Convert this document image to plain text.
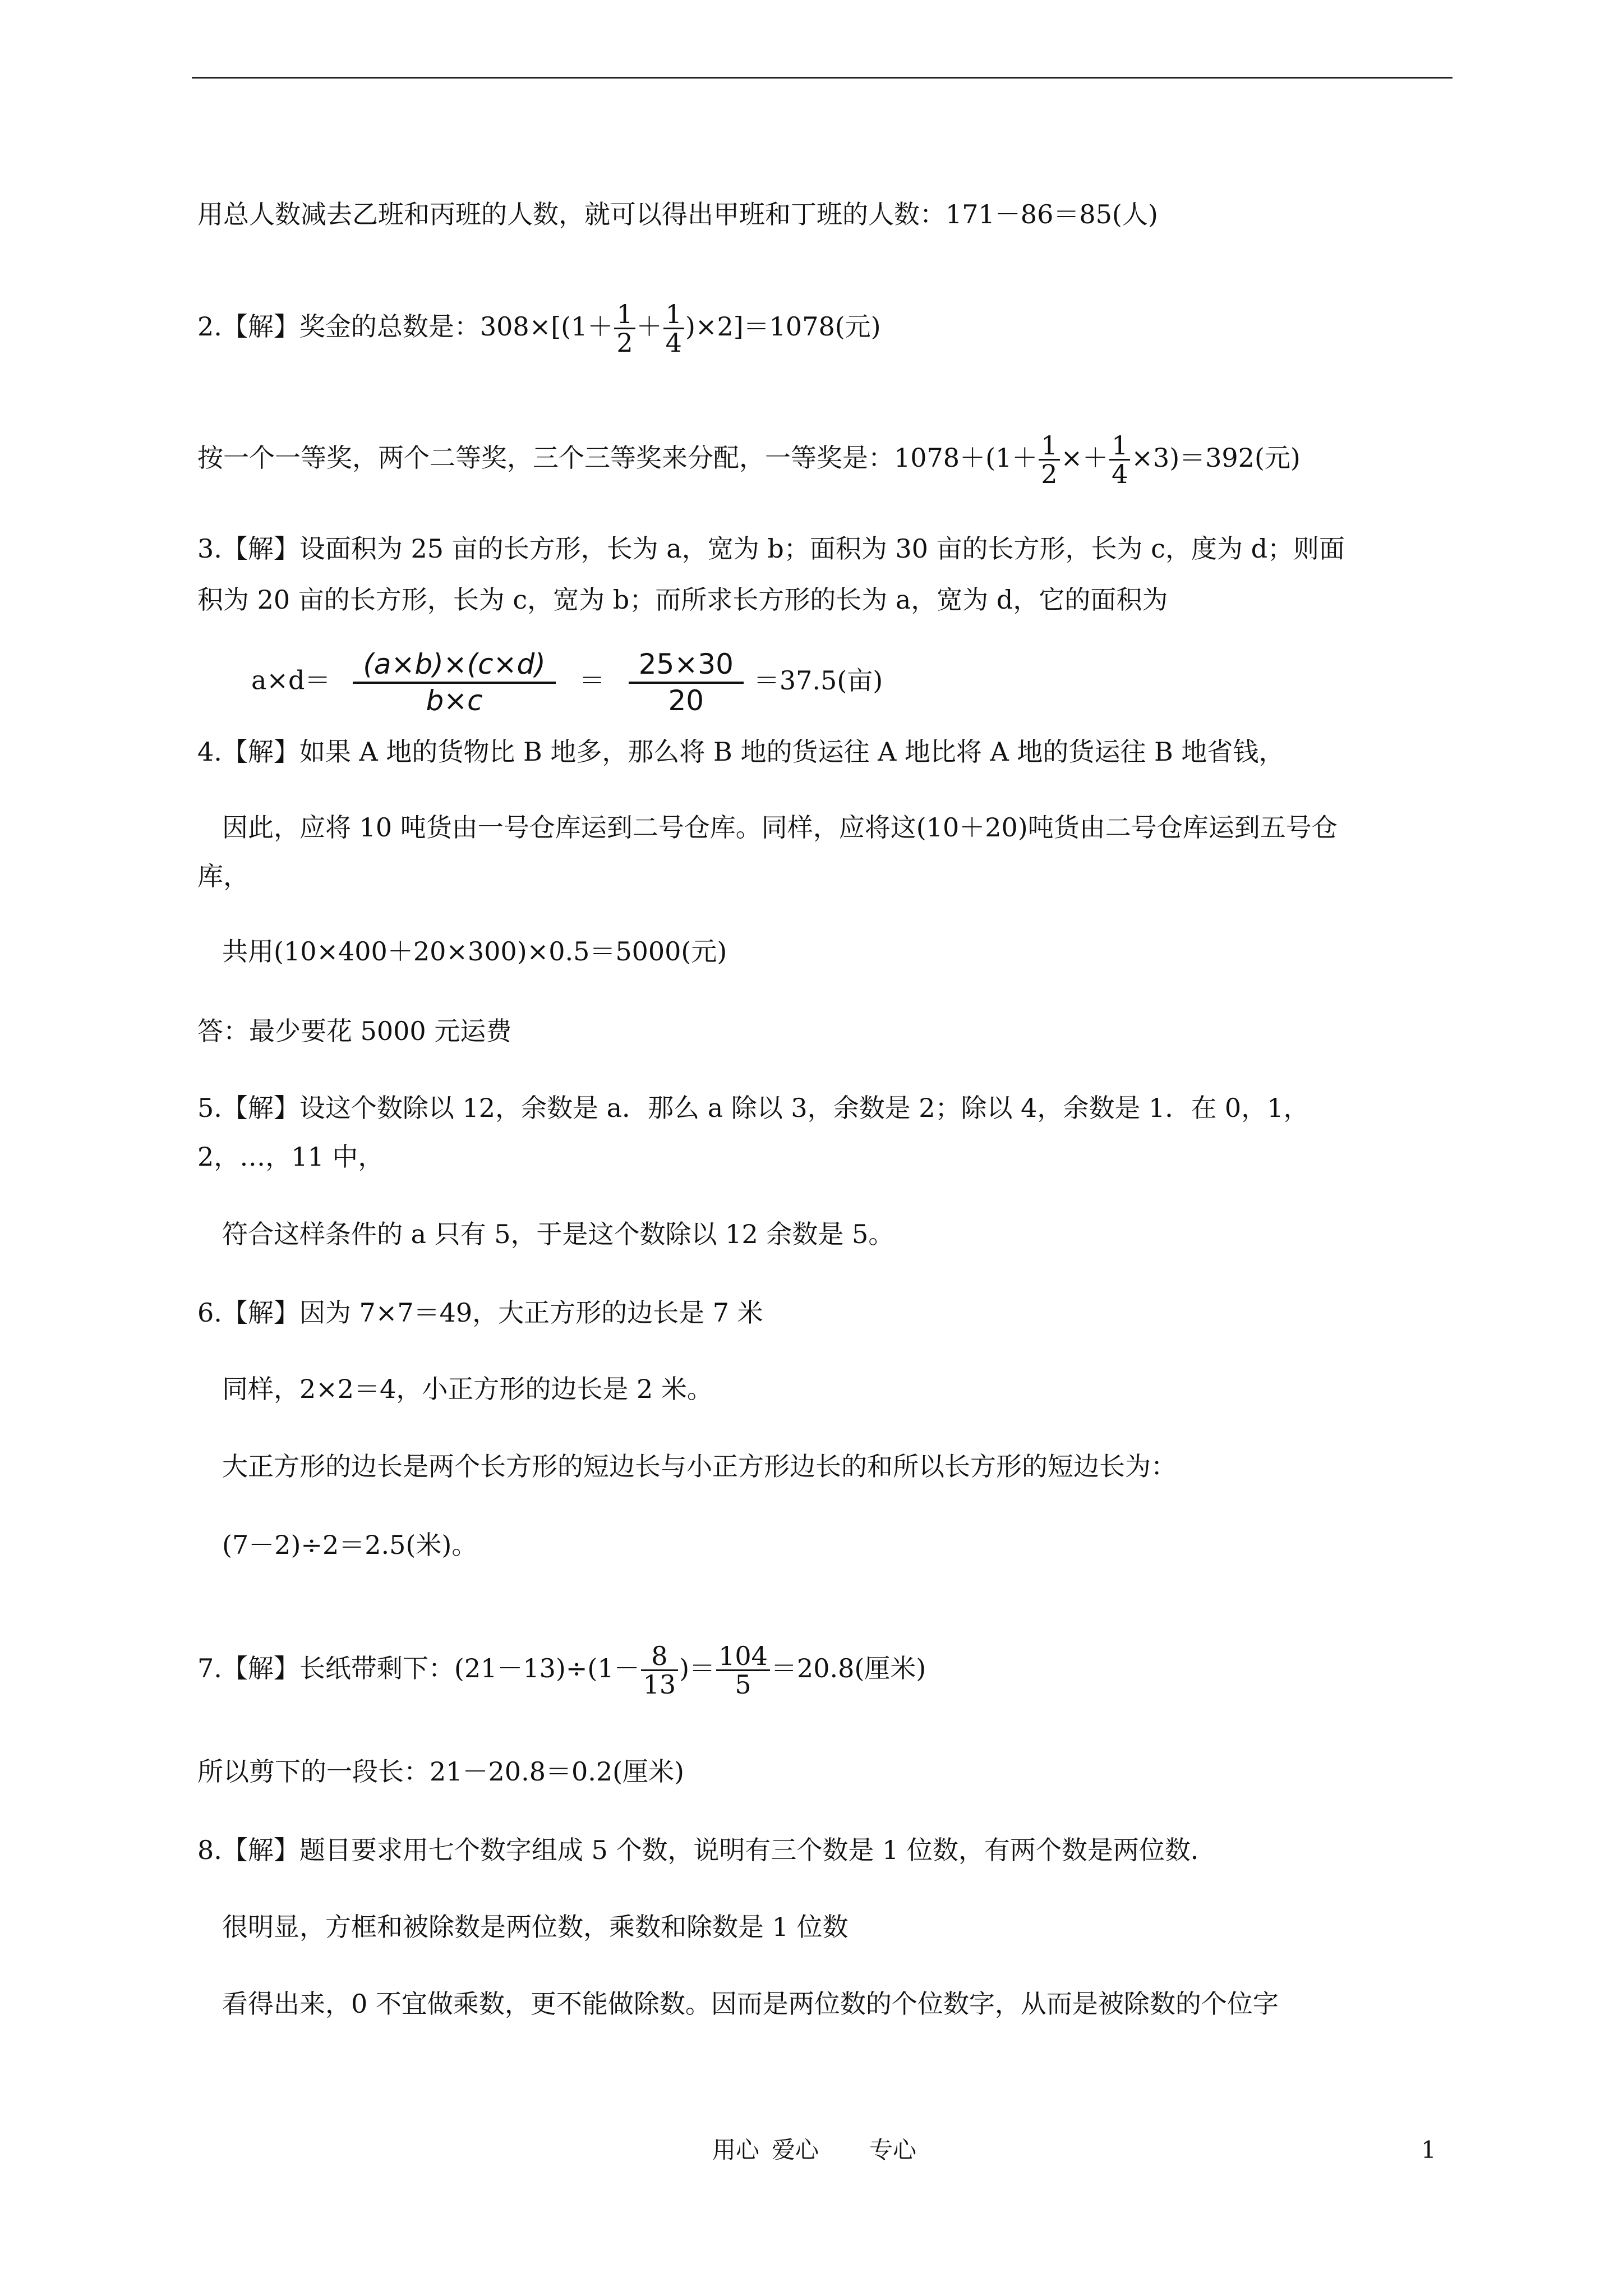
用总人数减去乙班和丙班的人数，就可以得出甲班和丁班的人数：171－86＝85(人)
2.【解】奖金的总数是：$308\times[(1+ \frac{1}{2} + \frac{1}{4} )\times 2]=1078$(元)
按一个一等奖，两个二等奖，三个三等奖来分配，一等奖是：$1078+(1+ \frac{1}{2} \times+ \frac{1}{4} \times 3)=392$(元)
3.【解】设面积为 25 亩的长方形，长为 a，宽为 b；面积为 30 亩的长方形，长为 c，度为 d；则面
积为 20 亩的长方形，长为 c，宽为 b；而所求长方形的长为 a，宽为 d，它的面积为
$a\times d= \frac{(a\times b)\times(c\times d)}{b\times c} = \frac{25\times 30}{20} =37.5$(亩)
4.【解】如果 A 地的货物比 B 地多，那么将 B 地的货运往 A 地比将 A 地的货运往 B 地省钱，
因此，应将 10 吨货由一号仓库运到二号仓库。同样，应将这(10＋20)吨货由二号仓库运到五号仓
库，
共用(10×400＋20×300)×0.5＝5000(元)
答：最少要花 5000 元运费
5.【解】设这个数除以 12，余数是 a．那么 a 除以 3，余数是 2；除以 4，余数是 1．在 0，1，
2，…，11 中，
符合这样条件的 a 只有 5，于是这个数除以 12 余数是 5。
6.【解】因为 7×7＝49，大正方形的边长是 7 米
同样，2×2＝4，小正方形的边长是 2 米。
大正方形的边长是两个长方形的短边长与小正方形边长的和所以长方形的短边长为：
(7－2)÷2＝2.5(米)。
7.【解】长纸带剩下：$(21-13)\div(1- \frac{8}{13}$ )＝ $\frac{104}{5} =20.8$(厘米)
所以剪下的一段长：21－20.8＝0.2(厘米)
8.【解】题目要求用七个数字组成 5 个数，说明有三个数是 1 位数，有两个数是两位数．
很明显，方框和被除数是两位数，乘数和除数是 1 位数
看得出来，0 不宜做乘数，更不能做除数。因而是两位数的个位数字，从而是被除数的个位字
用心 爱心 专心	1
